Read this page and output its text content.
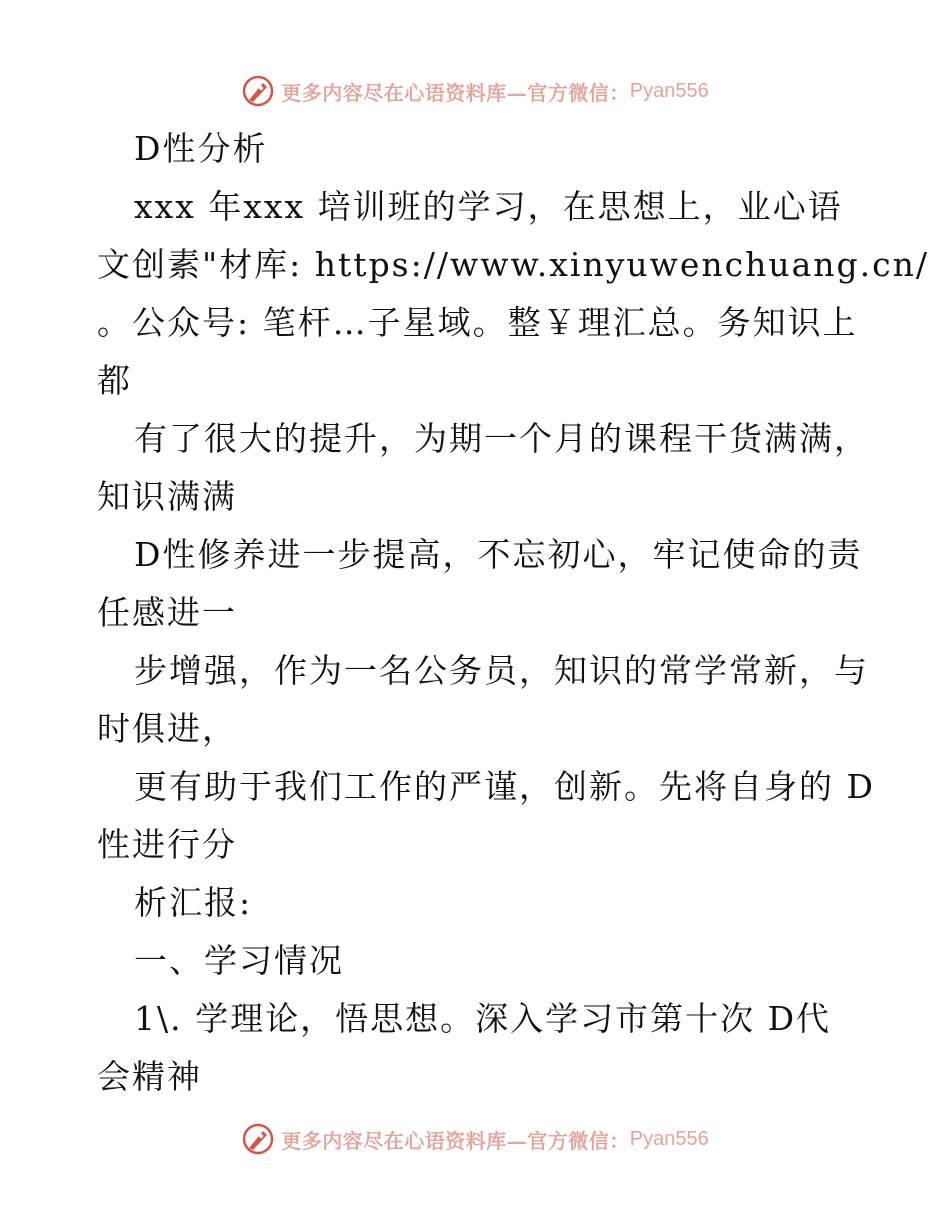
更多内容尽在心语资料库—官方微信： Pyan556
D性分析
xxx 年xxx 培训班的学习，在思想上，业心语
文创素"材库: https://www.xinyuwenchuang.cn/
。公众号: 笔杆…子星域。整￥理汇总。务知识上
都
有了很大的提升，为期一个月的课程干货满满，
知识满满
D性修养进一步提高，不忘初心，牢记使命的责
任感进一
步增强，作为一名公务员，知识的常学常新，与
时俱进，
更有助于我们工作的严谨，创新。先将自身的 D
性进行分
析汇报:
一、学习情况
1\. 学理论，悟思想。深入学习市第十次 D代
会精神
更多内容尽在心语资料库—官方微信： Pyan556
